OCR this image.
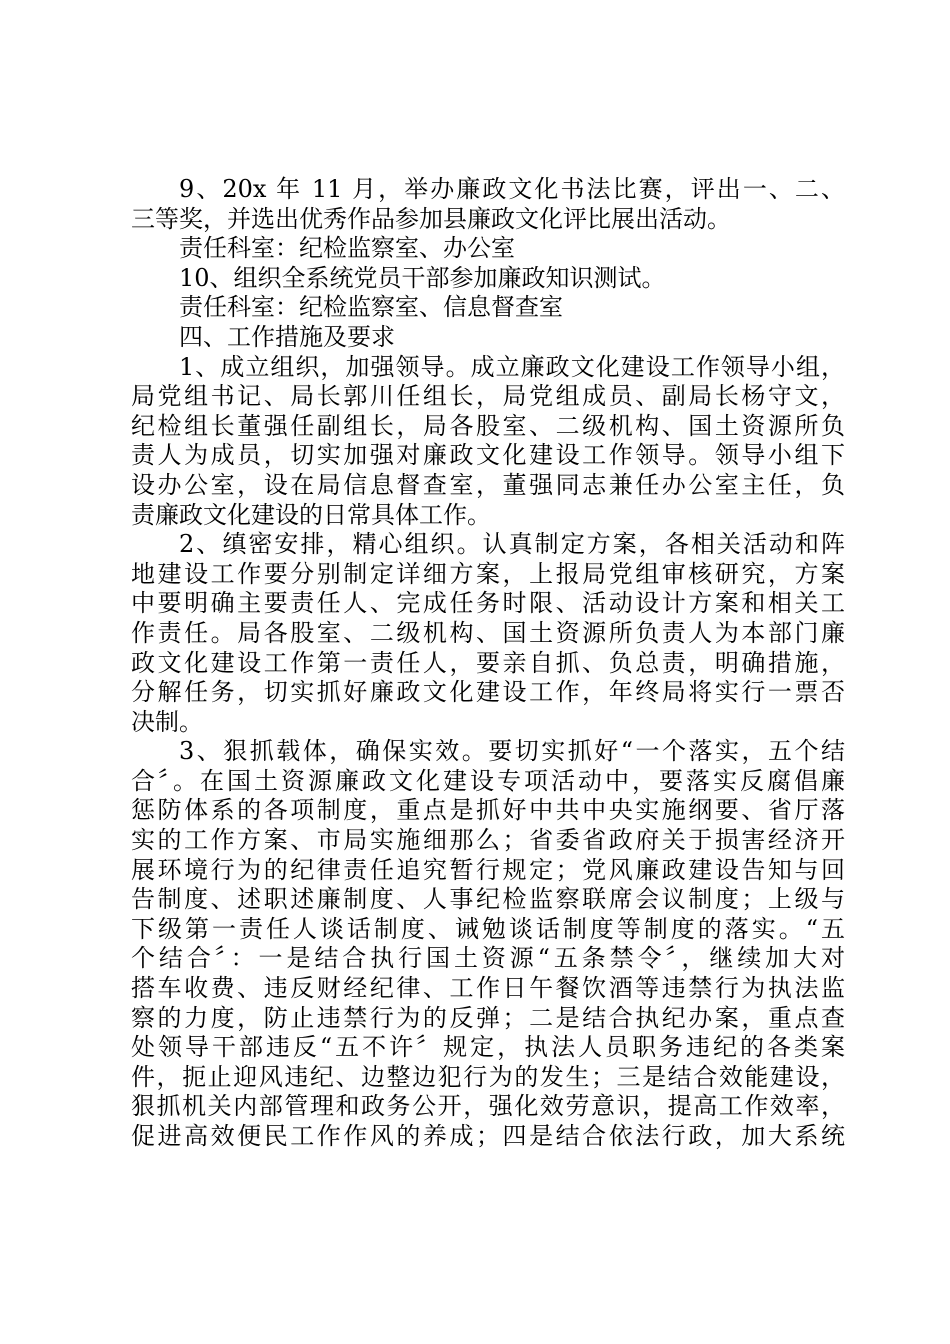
9、20x 年 11 月，举办廉政文化书法比赛，评出一、二、
三等奖，并选出优秀作品参加县廉政文化评比展出活动。
责任科室：纪检监察室、办公室
10、组织全系统党员干部参加廉政知识测试。
责任科室：纪检监察室、信息督查室
四、工作措施及要求
1、成立组织，加强领导。成立廉政文化建设工作领导小组，
局党组书记、局长郭川任组长，局党组成员、副局长杨守文，
纪检组长董强任副组长，局各股室、二级机构、国土资源所负
责人为成员，切实加强对廉政文化建设工作领导。领导小组下
设办公室，设在局信息督查室，董强同志兼任办公室主任，负
责廉政文化建设的日常具体工作。
2、缜密安排，精心组织。认真制定方案，各相关活动和阵
地建设工作要分别制定详细方案，上报局党组审核研究，方案
中要明确主要责任人、完成任务时限、活动设计方案和相关工
作责任。局各股室、二级机构、国土资源所负责人为本部门廉
政文化建设工作第一责任人，要亲自抓、负总责，明确措施，
分解任务，切实抓好廉政文化建设工作，年终局将实行一票否
决制。
3、狠抓载体，确保实效。要切实抓好“一个落实，五个结
合〞。在国土资源廉政文化建设专项活动中，要落实反腐倡廉
惩防体系的各项制度，重点是抓好中共中央实施纲要、省厅落
实的工作方案、市局实施细那么；省委省政府关于损害经济开
展环境行为的纪律责任追究暂行规定；党风廉政建设告知与回
告制度、述职述廉制度、人事纪检监察联席会议制度；上级与
下级第一责任人谈话制度、诫勉谈话制度等制度的落实。“五
个结合〞：一是结合执行国土资源“五条禁令〞，继续加大对
搭车收费、违反财经纪律、工作日午餐饮酒等违禁行为执法监
察的力度，防止违禁行为的反弹；二是结合执纪办案，重点查
处领导干部违反“五不许〞规定，执法人员职务违纪的各类案
件，扼止迎风违纪、边整边犯行为的发生；三是结合效能建设，
狠抓机关内部管理和政务公开，强化效劳意识，提高工作效率，
促进高效便民工作作风的养成；四是结合依法行政，加大系统
